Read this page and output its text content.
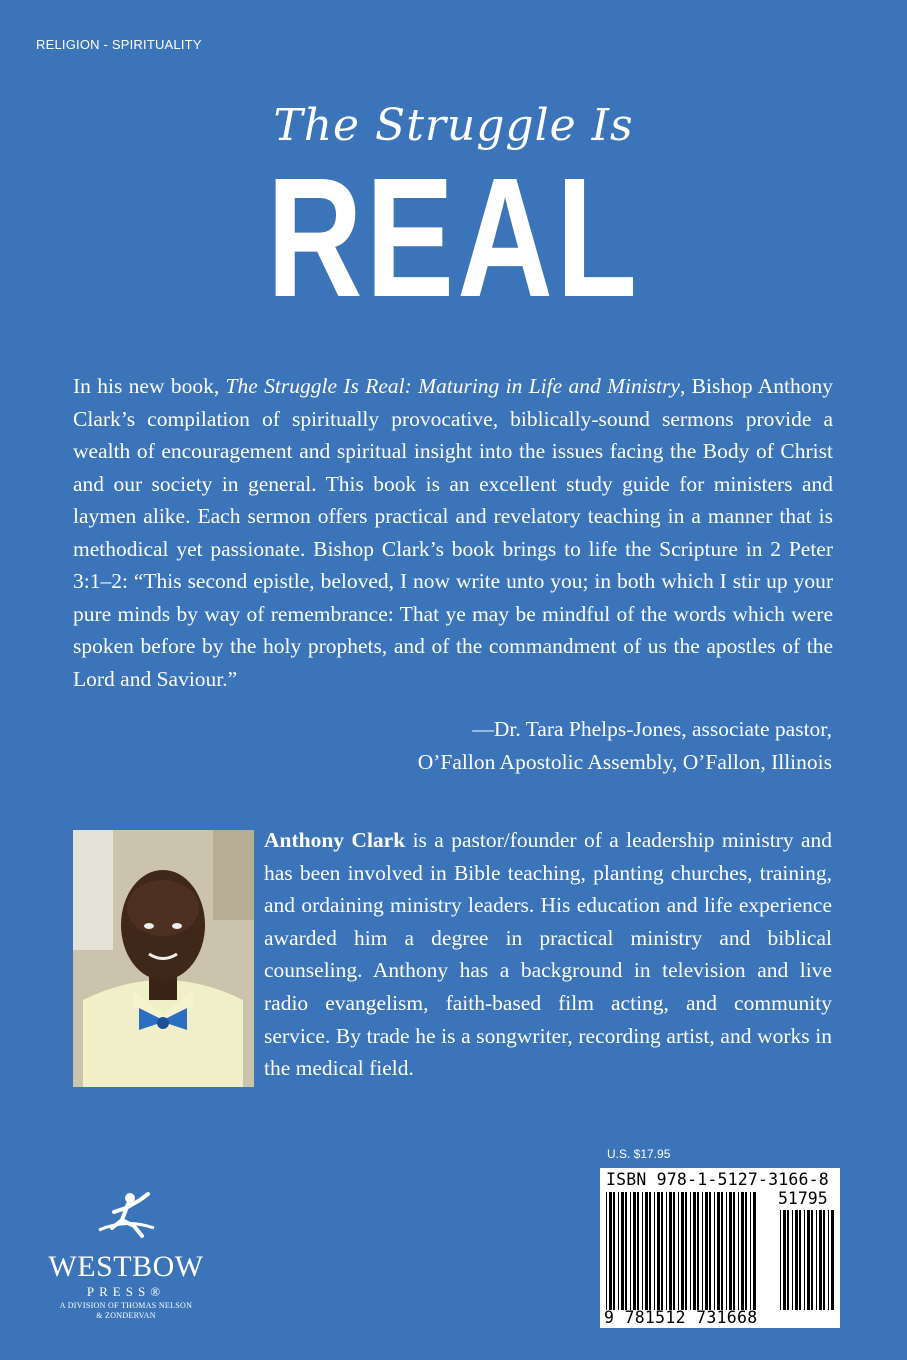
RELIGION - SPIRITUALITY
The Struggle Is
REAL
In his new book, The Struggle Is Real: Maturing in Life and Ministry, Bishop Anthony Clark’s compilation of spiritually provocative, biblically-sound sermons provide a wealth of encouragement and spiritual insight into the issues facing the Body of Christ and our society in general. This book is an excellent study guide for ministers and laymen alike. Each sermon offers practical and revelatory teaching in a manner that is methodical yet passionate. Bishop Clark’s book brings to life the Scripture in 2 Peter 3:1–2: “This second epistle, beloved, I now write unto you; in both which I stir up your pure minds by way of remembrance: That ye may be mindful of the words which were spoken before by the holy prophets, and of the commandment of us the apostles of the Lord and Saviour.”
—Dr. Tara Phelps-Jones, associate pastor,
O’Fallon Apostolic Assembly, O’Fallon, Illinois
Anthony Clark is a pastor/founder of a leadership ministry and has been involved in Bible teaching, planting churches, training, and ordaining ministry leaders. His education and life experience awarded him a degree in practical ministry and biblical counseling. Anthony has a background in television and live radio evangelism, faith-based film acting, and community service. By trade he is a songwriter, recording artist, and works in the medical field.
WESTBOW
PRESS®
A DIVISION OF THOMAS NELSON
& ZONDERVAN
U.S. $17.95
ISBN 978-1-5127-3166-8
51795
9 781512 731668
